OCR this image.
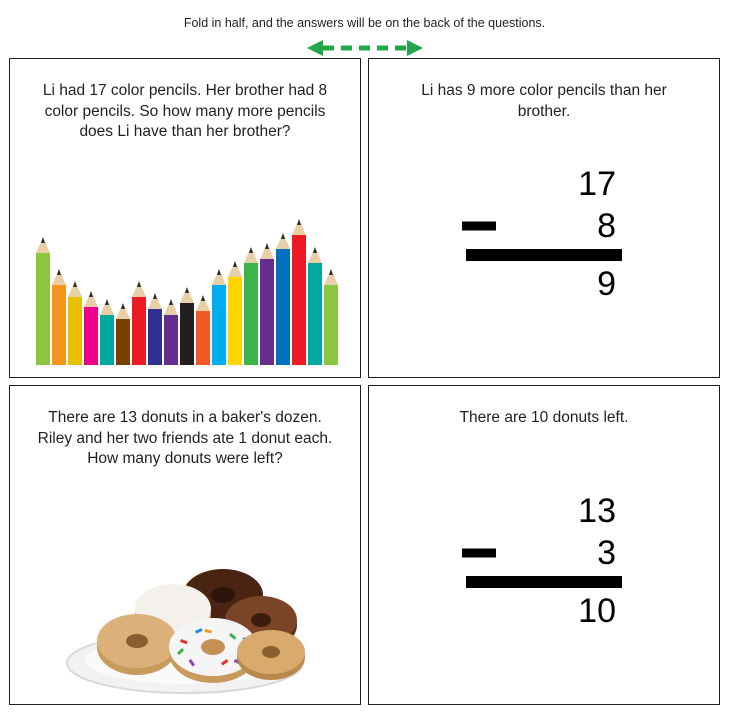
Fold in half, and the answers will be on the back of the questions.
Li had 17 color pencils. Her brother had 8 color pencils. So how many more pencils does Li have than her brother?
Li has 9 more color pencils than her brother.
17
8
9
There are 13 donuts in a baker's dozen. Riley and her two friends ate 1 donut each. How many donuts were left?
There are 10 donuts left.
13
3
10
